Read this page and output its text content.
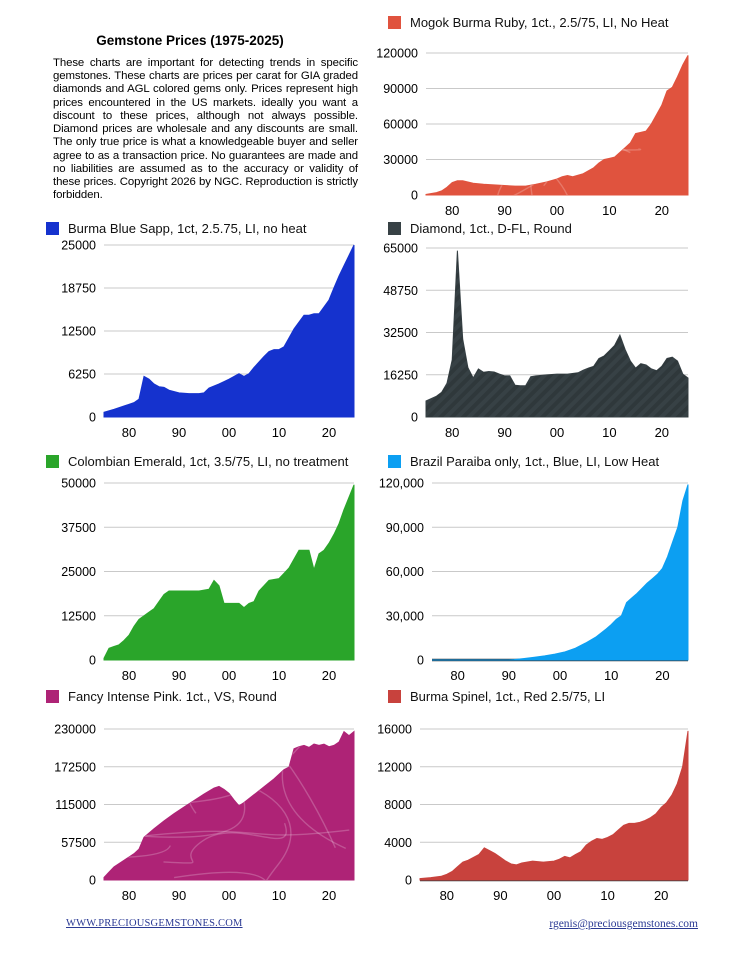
Gemstone Prices (1975-2025)
These charts are important for detecting trends in specific gemstones. These charts are prices per carat for GIA graded diamonds and AGL colored gems only. Prices represent high prices encountered in the US markets. ideally you want a discount to these prices, although not always possible. Diamond prices are wholesale and any discounts are small. The only true price is what a knowledgeable buyer and seller agree to as a transaction price. No guarantees are made and no liabilities are assumed as to the accuracy or validity of these prices. Copyright 2026 by NGC. Reproduction is strictly forbidden.
Mogok Burma Ruby, 1ct., 2.5/75, LI, No Heat
Burma Blue Sapp, 1ct, 2.5.75, LI, no heat	Diamond, 1ct., D-FL, Round
Colombian Emerald, 1ct, 3.5/75, LI, no treatment	Brazil Paraiba only, 1ct., Blue, LI, Low Heat
Fancy Intense Pink. 1ct., VS, Round	Burma Spinel, 1ct., Red 2.5/75, LI
0
30000
60000
90000
120000
80	90	00	10	20
0
6250
12500
18750
25000
80	90	00	10	20
0
16250
32500
48750
65000
80	90	00	10	20
0
12500
25000
37500
50000
80	90	00	10	20
0
30,000
60,000
90,000
120,000
80	90	00	10	20
0
57500
115000
172500
230000
80	90	00	10	20
0
4000
8000
12000
16000
80	90	00	10	20
WWW.PRECIOUSGEMSTONES.COM	rgenis@preciousgemstones.com
